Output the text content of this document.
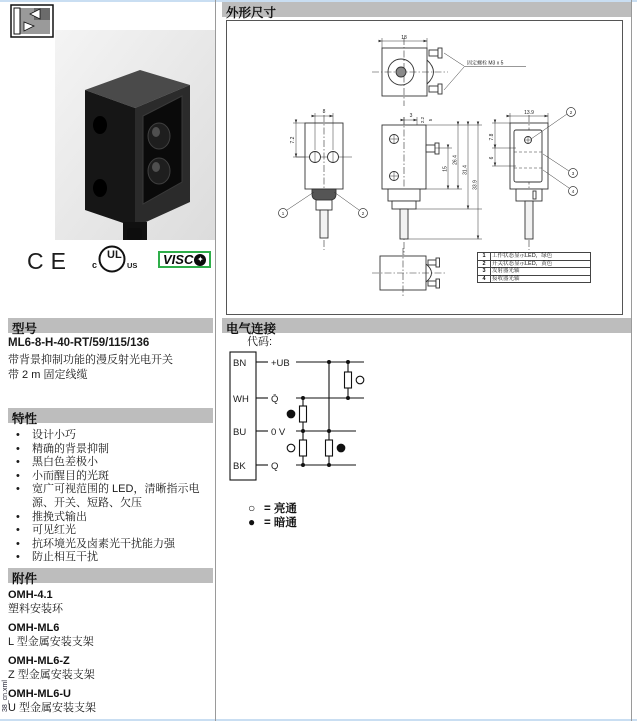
CE	UL
c	US VISC ✦
型号
ML6-8-H-40-RT/59/115/136
带背景抑制功能的漫反射光电开关
带 2 m 固定线缆
特性
• 设计小巧
• 精确的背景抑制
• 黑白色差极小
• 小而醒目的光斑
• 宽广可视范围的 LED，清晰指示电源、开关、短路、欠压
• 推挽式输出
• 可见红光
• 抗环境光及卤素光干扰能力强
• 防止相互干扰
附件
OMH-4.1
塑料安装环
OMH-ML6
L 型金属安装支架
OMH-ML6-Z
Z 型金属安装支架
OMH-ML6-U
U 型金属安装支架
38_cn.xml
外形尺寸
18
固定螺栓 M3 x 5
8
7.2
3
2.2 5
15
26.4
31.4
33.9
13.9
7.8
6
1	2
2
3
4
1	工作状态显示LED，绿色
2	开关状态显示LED，黄色
3	发射器光轴
4	接收器光轴
电气连接
代码:
BN
WH
BU
BK
+UB
Q̄
0 V
Q
○ = 亮通
● = 暗通
